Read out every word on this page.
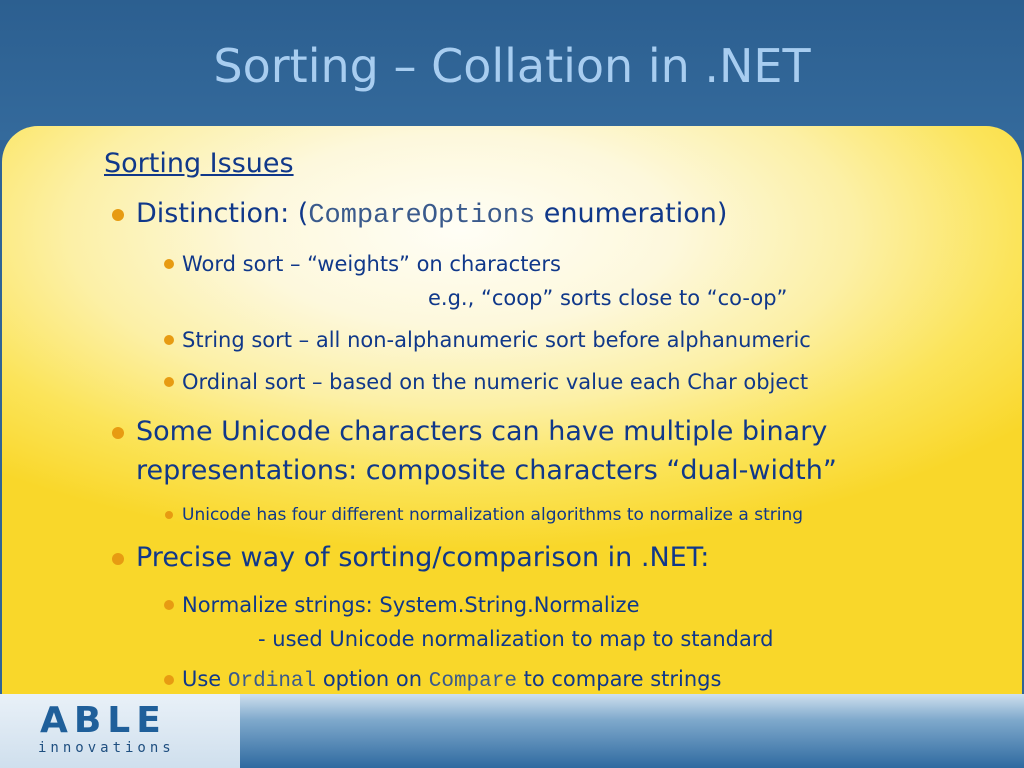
Sorting – Collation in .NET
Sorting Issues
Distinction: (CompareOptions enumeration)
Word sort – “weights” on characters
e.g., “coop” sorts close to “co-op”
String sort – all non-alphanumeric sort before alphanumeric
Ordinal sort – based on the numeric value each Char object
Some Unicode characters can have multiple binary
representations: composite characters “dual-width”
Unicode has four different normalization algorithms to normalize a string
Precise way of sorting/comparison in .NET:
Normalize strings: System.String.Normalize
- used Unicode normalization to map to standard
Use Ordinal option on Compare to compare strings
ABLE
innovations
